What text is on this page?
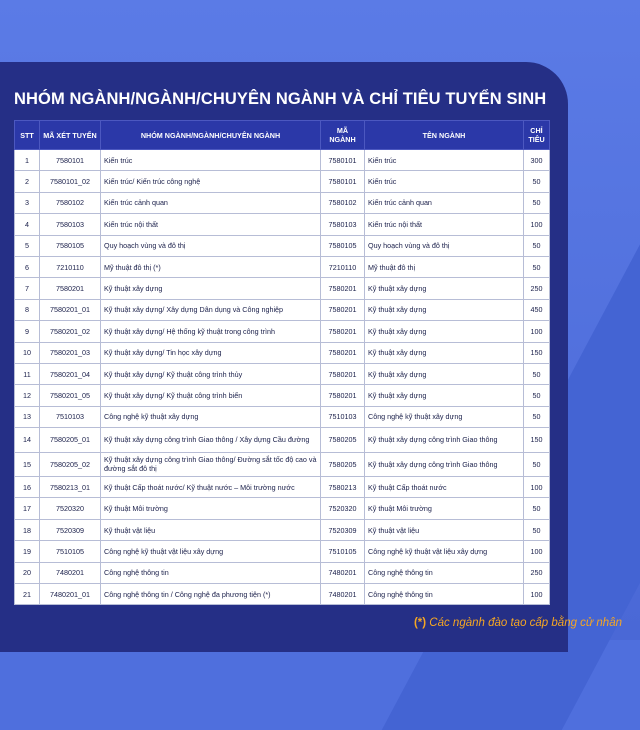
NHÓM NGÀNH/NGÀNH/CHUYÊN NGÀNH VÀ CHỈ TIÊU TUYỂN SINH
STT	MÃ XÉT TUYỂN	NHÓM NGÀNH/NGÀNH/CHUYÊN NGÀNH	MÃ NGÀNH	TÊN NGÀNH	CHỈ TIÊU
1	7580101	Kiến trúc	7580101	Kiến trúc	300
2	7580101_02	Kiến trúc/ Kiến trúc công nghệ	7580101	Kiến trúc	50
3	7580102	Kiến trúc cảnh quan	7580102	Kiến trúc cảnh quan	50
4	7580103	Kiến trúc nội thất	7580103	Kiến trúc nội thất	100
5	7580105	Quy hoạch vùng và đô thị	7580105	Quy hoạch vùng và đô thị	50
6	7210110	Mỹ thuật đô thị (*)	7210110	Mỹ thuật đô thị	50
7	7580201	Kỹ thuật xây dựng	7580201	Kỹ thuật xây dựng	250
8	7580201_01	Kỹ thuật xây dựng/ Xây dựng Dân dụng và Công nghiệp	7580201	Kỹ thuật xây dựng	450
9	7580201_02	Kỹ thuật xây dựng/ Hệ thống kỹ thuật trong công trình	7580201	Kỹ thuật xây dựng	100
10	7580201_03	Kỹ thuật xây dựng/ Tin học xây dựng	7580201	Kỹ thuật xây dựng	150
11	7580201_04	Kỹ thuật xây dựng/ Kỹ thuật công trình thủy	7580201	Kỹ thuật xây dựng	50
12	7580201_05	Kỹ thuật xây dựng/ Kỹ thuật công trình biển	7580201	Kỹ thuật xây dựng	50
13	7510103	Công nghệ kỹ thuật xây dựng	7510103	Công nghệ kỹ thuật xây dựng	50
14	7580205_01	Kỹ thuật xây dựng công trình Giao thông / Xây dựng Cầu đường	7580205	Kỹ thuật xây dựng công trình Giao thông	150
15	7580205_02	Kỹ thuật xây dựng công trình Giao thông/ Đường sắt tốc độ cao và đường sắt đô thị	7580205	Kỹ thuật xây dựng công trình Giao thông	50
16	7580213_01	Kỹ thuật Cấp thoát nước/ Kỹ thuật nước – Môi trường nước	7580213	Kỹ thuật Cấp thoát nước	100
17	7520320	Kỹ thuật Môi trường	7520320	Kỹ thuật Môi trường	50
18	7520309	Kỹ thuật vật liệu	7520309	Kỹ thuật vật liệu	50
19	7510105	Công nghệ kỹ thuật vật liệu xây dựng	7510105	Công nghệ kỹ thuật vật liệu xây dựng	100
20	7480201	Công nghệ thông tin	7480201	Công nghệ thông tin	250
21	7480201_01	Công nghệ thông tin / Công nghệ đa phương tiện (*)	7480201	Công nghệ thông tin	100
(*) Các ngành đào tạo cấp bằng cử nhân
